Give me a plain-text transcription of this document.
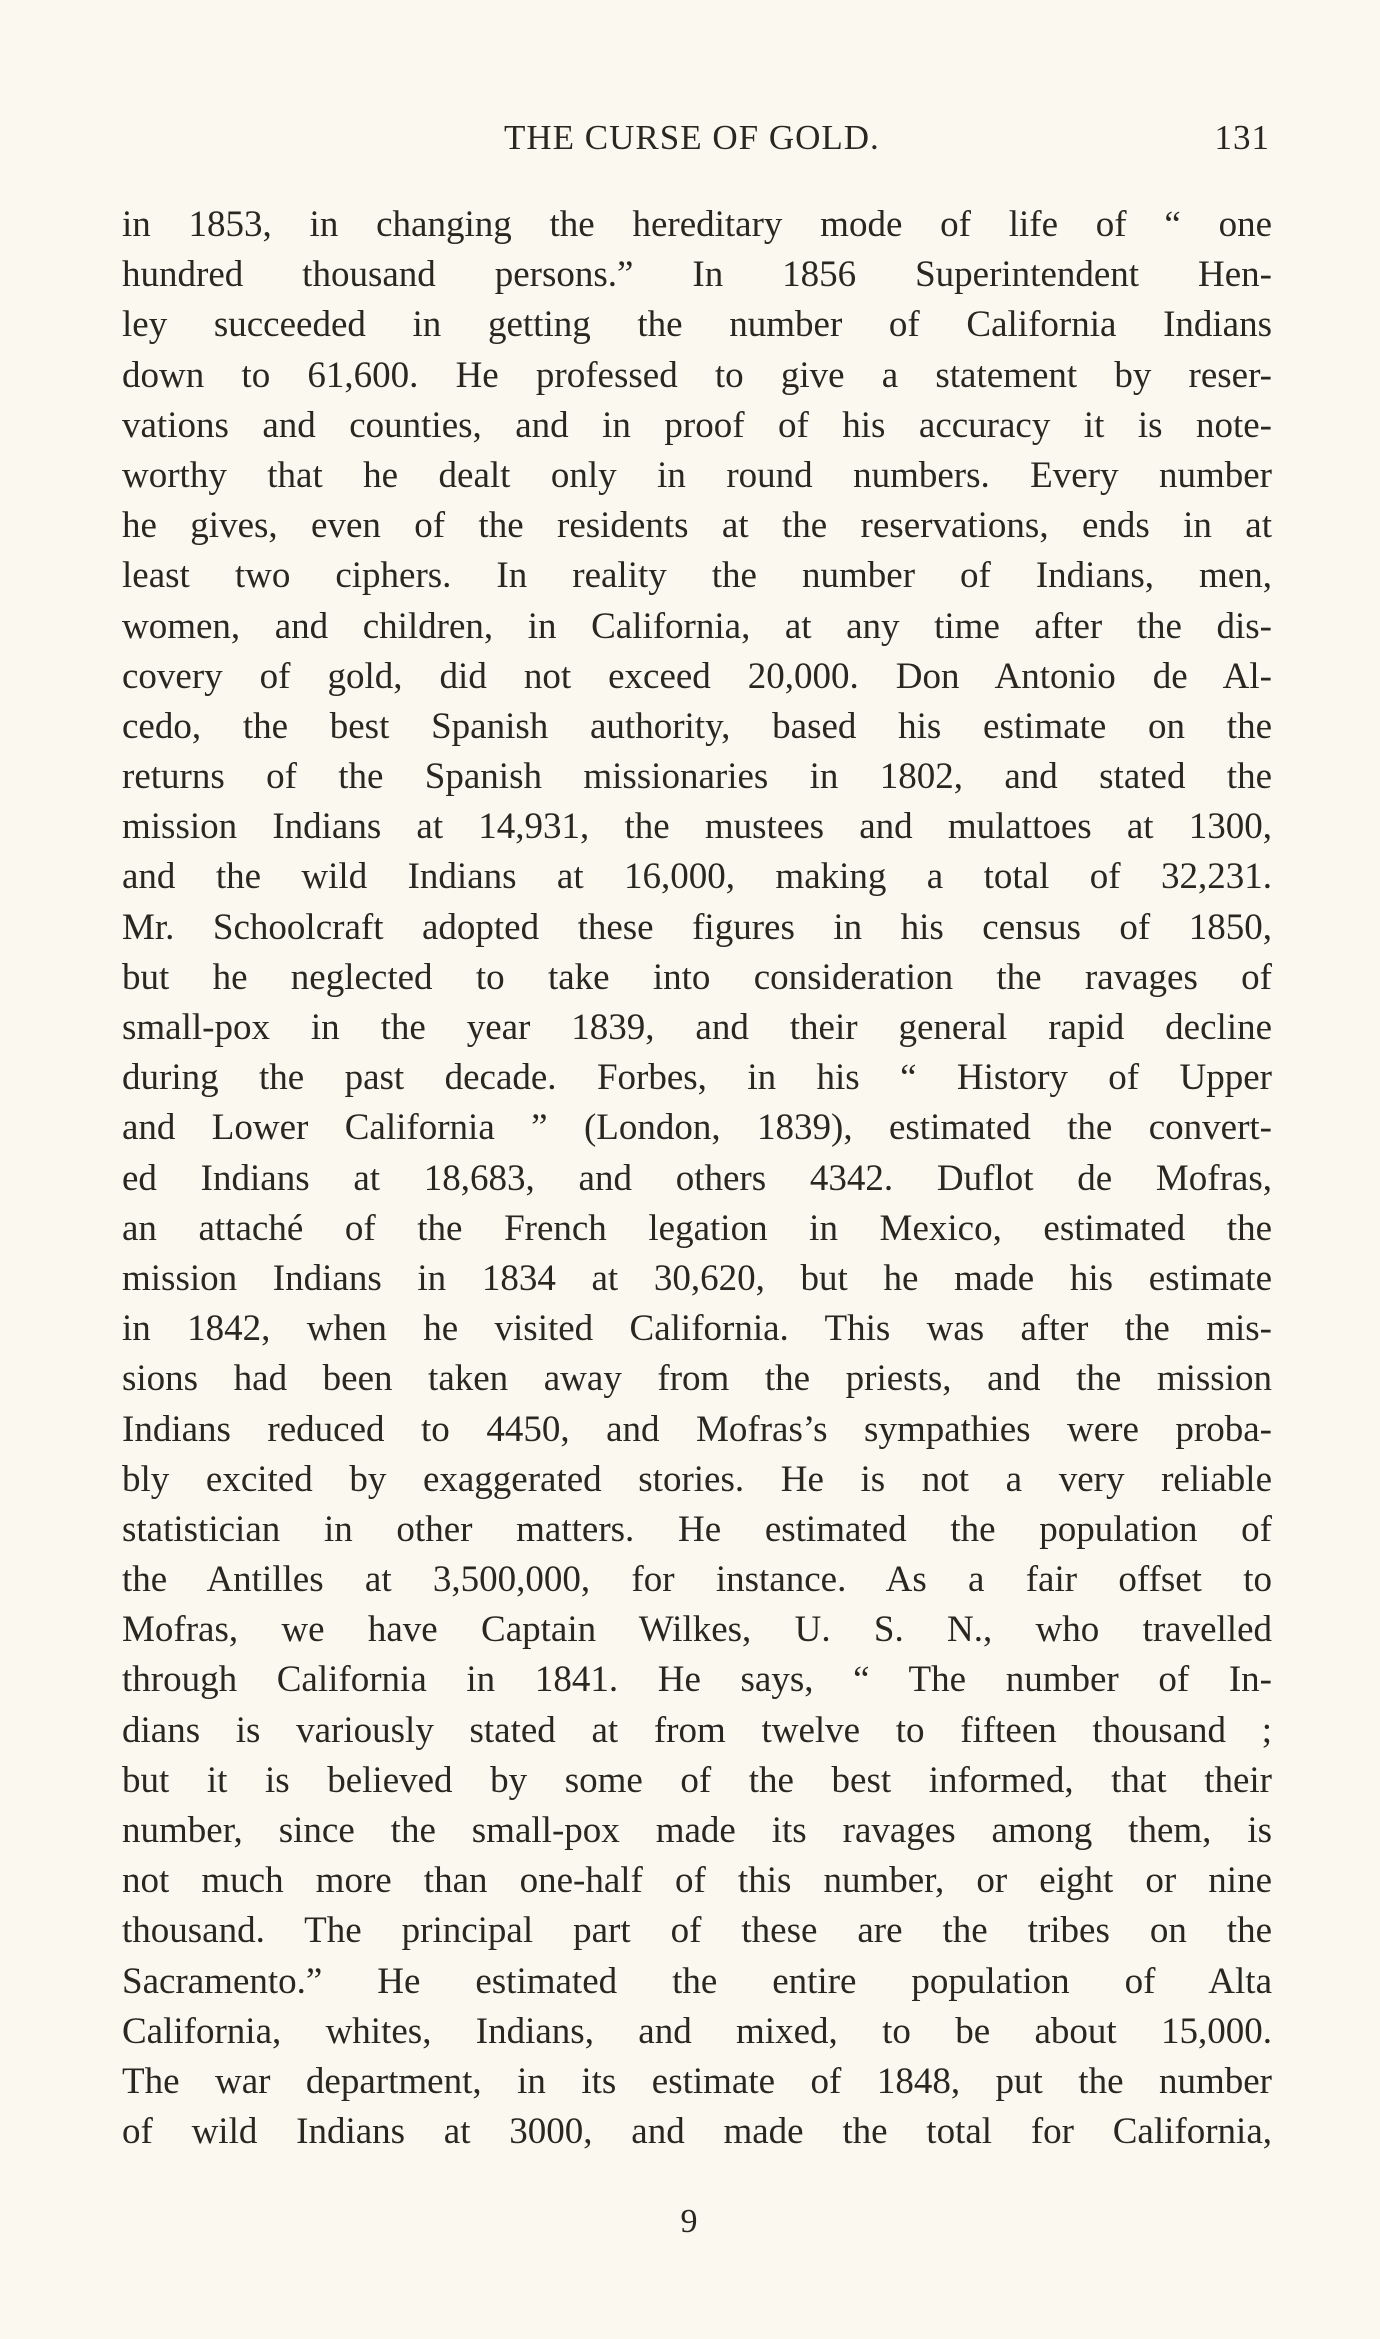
THE CURSE OF GOLD.	131
in 1853, in changing the hereditary mode of life of “ one
hundred thousand persons.” In 1856 Superintendent Hen-
ley succeeded in getting the number of California Indians
down to 61,600. He professed to give a statement by reser-
vations and counties, and in proof of his accuracy it is note-
worthy that he dealt only in round numbers. Every number
he gives, even of the residents at the reservations, ends in at
least two ciphers. In reality the number of Indians, men,
women, and children, in California, at any time after the dis-
covery of gold, did not exceed 20,000. Don Antonio de Al-
cedo, the best Spanish authority, based his estimate on the
returns of the Spanish missionaries in 1802, and stated the
mission Indians at 14,931, the mustees and mulattoes at 1300,
and the wild Indians at 16,000, making a total of 32,231.
Mr. Schoolcraft adopted these figures in his census of 1850,
but he neglected to take into consideration the ravages of
small-pox in the year 1839, and their general rapid decline
during the past decade. Forbes, in his “ History of Upper
and Lower California ” (London, 1839), estimated the convert-
ed Indians at 18,683, and others 4342. Duflot de Mofras,
an attaché of the French legation in Mexico, estimated the
mission Indians in 1834 at 30,620, but he made his estimate
in 1842, when he visited California. This was after the mis-
sions had been taken away from the priests, and the mission
Indians reduced to 4450, and Mofras’s sympathies were proba-
bly excited by exaggerated stories. He is not a very reliable
statistician in other matters. He estimated the population of
the Antilles at 3,500,000, for instance. As a fair offset to
Mofras, we have Captain Wilkes, U. S. N., who travelled
through California in 1841. He says, “ The number of In-
dians is variously stated at from twelve to fifteen thousand ;
but it is believed by some of the best informed, that their
number, since the small-pox made its ravages among them, is
not much more than one-half of this number, or eight or nine
thousand. The principal part of these are the tribes on the
Sacramento.” He estimated the entire population of Alta
California, whites, Indians, and mixed, to be about 15,000.
The war department, in its estimate of 1848, put the number
of wild Indians at 3000, and made the total for California,
9
